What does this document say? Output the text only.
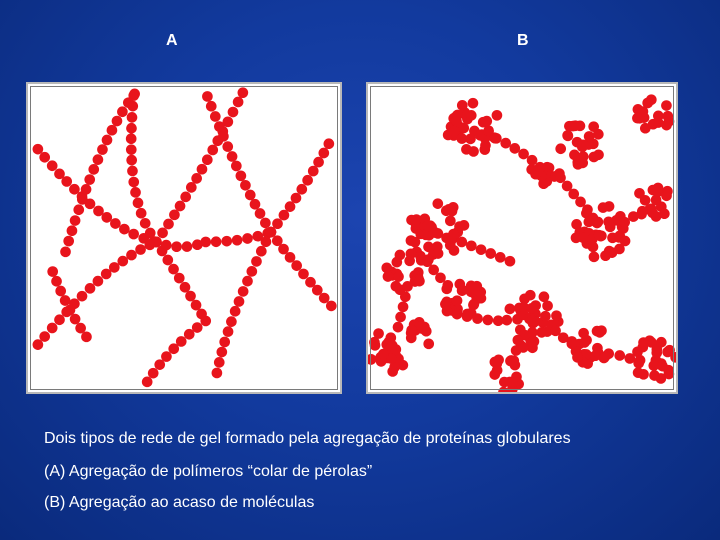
A	B
Dois tipos de rede de gel formado pela agregação de proteínas globulares
(A) Agregação de polímeros “colar de pérolas”
(B) Agregação ao acaso de moléculas
